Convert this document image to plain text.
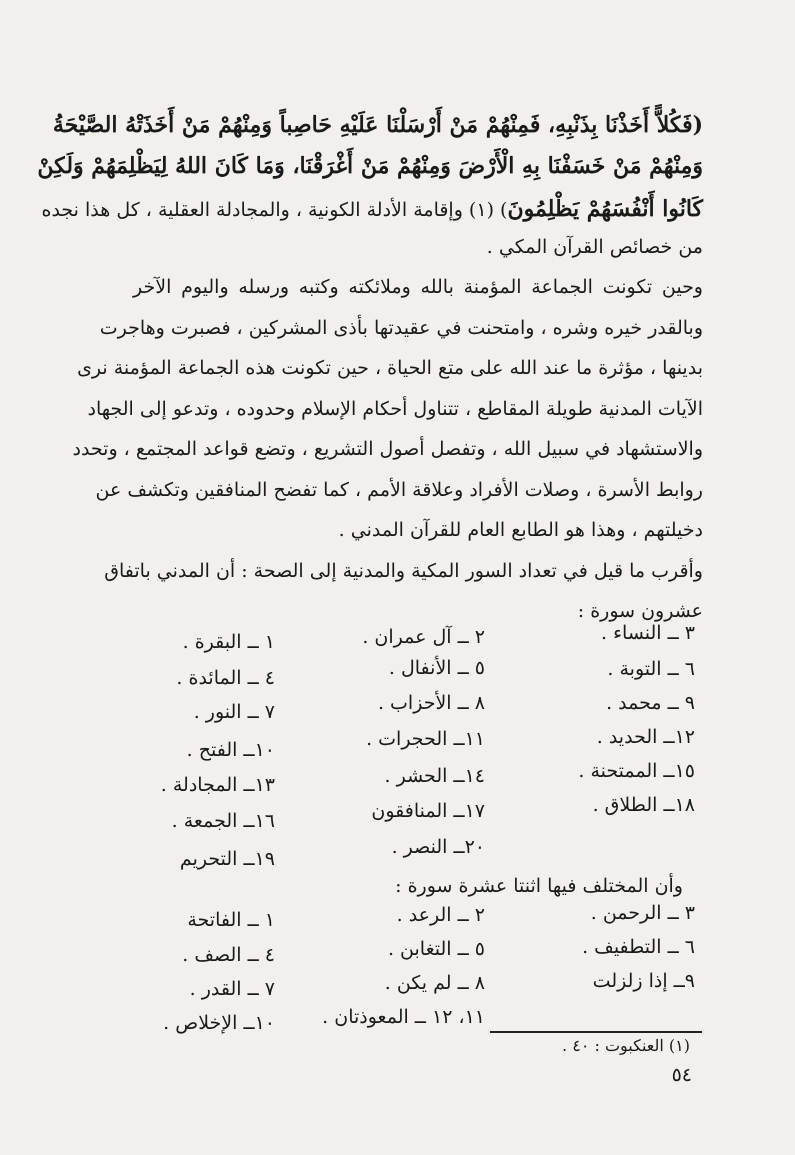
(فَكُلاًّ أَخَذْنَا بِذَنْبِهِ، فَمِنْهُمْ مَنْ أَرْسَلْنَا عَلَيْهِ حَاصِباً وَمِنْهُمْ مَنْ أَخَذَتْهُ الصَّيْحَةُ
وَمِنْهُمْ مَنْ خَسَفْنَا بِهِ الْأَرْضَ وَمِنْهُمْ مَنْ أَغْرَقْنَا، وَمَا كَانَ اللهُ لِيَظْلِمَهُمْ وَلَكِنْ
كَانُوا أَنْفُسَهُمْ يَظْلِمُونَ) (١) وإقامة الأدلة الكونية ، والمجادلة العقلية ، كل هذا نجده
من خصائص القرآن المكي .
وحين تكونت الجماعة المؤمنة بالله وملائكته وكتبه ورسله واليوم الآخر
وبالقدر خيره وشره ، وامتحنت في عقيدتها بأذى المشركين ، فصبرت وهاجرت
بدينها ، مؤثرة ما عند الله على متع الحياة ، حين تكونت هذه الجماعة المؤمنة نرى
الآيات المدنية طويلة المقاطع ، تتناول أحكام الإسلام وحدوده ، وتدعو إلى الجهاد
والاستشهاد في سبيل الله ، وتفصل أصول التشريع ، وتضع قواعد المجتمع ، وتحدد
روابط الأسرة ، وصلات الأفراد وعلاقة الأمم ، كما تفضح المنافقين وتكشف عن
دخيلتهم ، وهذا هو الطابع العام للقرآن المدني .
وأقرب ما قيل في تعداد السور المكية والمدنية إلى الصحة : أن المدني باتفاق
عشرون سورة :
١ ــ البقرة .	٢ ــ آل عمران .	٣ ــ النساء .
٤ ــ المائدة .	٥ ــ الأنفال .	٦ ــ التوبة .
٧ ــ النور .	٨ ــ الأحزاب .	٩ ــ محمد .
١٠ــ الفتح .	١١ــ الحجرات .	١٢ــ الحديد .
١٣ــ المجادلة .	١٤ــ الحشر .	١٥ــ الممتحنة .
١٦ــ الجمعة .	١٧ــ المنافقون	١٨ــ الطلاق .
١٩ــ التحريم
٢٠ــ النصر .
وأن المختلف فيها اثنتا عشرة سورة :
١ ــ الفاتحة	٢ ــ الرعد .	٣ ــ الرحمن .
٤ ــ الصف .	٥ ــ التغابن .	٦ ــ التطفيف .
٧ ــ القدر .	٨ ــ لم يكن .	٩ــ إذا زلزلت
١٠ــ الإخلاص .	١١، ١٢ ــ المعوذتان .
(١) العنكبوت : ٤٠ .
٥٤
